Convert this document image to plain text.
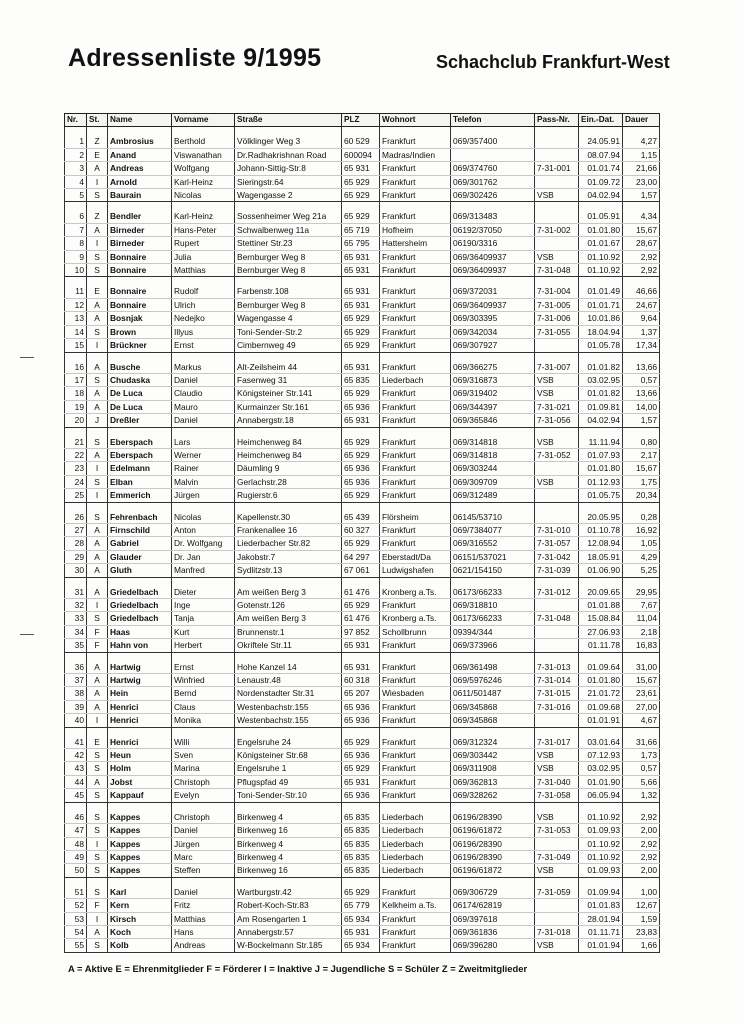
Adressenliste 9/1995	Schachclub Frankfurt-West
Nr.	St.	Name	Vorname	Straße	PLZ	Wohnort	Telefon	Pass-Nr.	Ein.-Dat.	Dauer

1	Z	Ambrosius	Berthold	Völklinger Weg 3	60 529	Frankfurt	069/357400		24.05.91	4,27
2	E	Anand	Viswanathan	Dr.Radhakrishnan Road	600094	Madras/Indien			08.07.94	1,15
3	A	Andreas	Wolfgang	Johann-Sittig-Str.8	65 931	Frankfurt	069/374760	7-31-001	01.01.74	21,66
4	I	Arnold	Karl-Heinz	Sieringstr.64	65 929	Frankfurt	069/301762		01.09.72	23,00
5	S	Baurain	Nicolas	Wagengasse 2	65 929	Frankfurt	069/302426	VSB	04.02.94	1,57

6	Z	Bendler	Karl-Heinz	Sossenheimer Weg 21a	65 929	Frankfurt	069/313483		01.05.91	4,34
7	A	Birneder	Hans-Peter	Schwalbenweg 11a	65 719	Hofheim	06192/37050	7-31-002	01.01.80	15,67
8	I	Birneder	Rupert	Stettiner Str.23	65 795	Hattersheim	06190/3316		01.01.67	28,67
9	S	Bonnaire	Julia	Bernburger Weg 8	65 931	Frankfurt	069/36409937	VSB	01.10.92	2,92
10	S	Bonnaire	Matthias	Bernburger Weg 8	65 931	Frankfurt	069/36409937	7-31-048	01.10.92	2,92

11	E	Bonnaire	Rudolf	Farbenstr.108	65 931	Frankfurt	069/372031	7-31-004	01.01.49	46,66
12	A	Bonnaire	Ulrich	Bernburger Weg 8	65 931	Frankfurt	069/36409937	7-31-005	01.01.71	24,67
13	A	Bosnjak	Nedejko	Wagengasse 4	65 929	Frankfurt	069/303395	7-31-006	10.01.86	9,64
14	S	Brown	Illyus	Toni-Sender-Str.2	65 929	Frankfurt	069/342034	7-31-055	18.04.94	1,37
15	I	Brückner	Ernst	Cimbernweg 49	65 929	Frankfurt	069/307927		01.05.78	17,34

16	A	Busche	Markus	Alt-Zeilsheim 44	65 931	Frankfurt	069/366275	7-31-007	01.01.82	13,66
17	S	Chudaska	Daniel	Fasenweg 31	65 835	Liederbach	069/316873	VSB	03.02.95	0,57
18	A	De Luca	Claudio	Königsteiner Str.141	65 929	Frankfurt	069/319402	VSB	01.01.82	13,66
19	A	De Luca	Mauro	Kurmainzer Str.161	65 936	Frankfurt	069/344397	7-31-021	01.09.81	14,00
20	J	Dreßler	Daniel	Annabergstr.18	65 931	Frankfurt	069/365846	7-31-056	04.02.94	1,57

21	S	Eberspach	Lars	Heimchenweg 84	65 929	Frankfurt	069/314818	VSB	11.11.94	0,80
22	A	Eberspach	Werner	Heimchenweg 84	65 929	Frankfurt	069/314818	7-31-052	01.07.93	2,17
23	I	Edelmann	Rainer	Däumling 9	65 936	Frankfurt	069/303244		01.01.80	15,67
24	S	Elban	Malvin	Gerlachstr.28	65 936	Frankfurt	069/309709	VSB	01.12.93	1,75
25	I	Emmerich	Jürgen	Rugierstr.6	65 929	Frankfurt	069/312489		01.05.75	20,34

26	S	Fehrenbach	Nicolas	Kapellenstr.30	65 439	Flörsheim	06145/53710		20.05.95	0,28
27	A	Firnschild	Anton	Frankenallee 16	60 327	Frankfurt	069/7384077	7-31-010	01.10.78	16,92
28	A	Gabriel	Dr. Wolfgang	Liederbacher Str.82	65 929	Frankfurt	069/316552	7-31-057	12.08.94	1,05
29	A	Glauder	Dr. Jan	Jakobstr.7	64 297	Eberstadt/Da	06151/537021	7-31-042	18.05.91	4,29
30	A	Gluth	Manfred	Sydlitzstr.13	67 061	Ludwigshafen	0621/154150	7-31-039	01.06.90	5,25

31	A	Griedelbach	Dieter	Am weißen Berg 3	61 476	Kronberg a.Ts.	06173/66233	7-31-012	20.09.65	29,95
32	I	Griedelbach	Inge	Gotenstr.126	65 929	Frankfurt	069/318810		01.01.88	7,67
33	S	Griedelbach	Tanja	Am weißen Berg 3	61 476	Kronberg a.Ts.	06173/66233	7-31-048	15.08.84	11,04
34	F	Haas	Kurt	Brunnenstr.1	97 852	Schollbrunn	09394/344		27.06.93	2,18
35	F	Hahn von	Herbert	Okriftele Str.11	65 931	Frankfurt	069/373966		01.11.78	16,83

36	A	Hartwig	Ernst	Hohe Kanzel 14	65 931	Frankfurt	069/361498	7-31-013	01.09.64	31,00
37	A	Hartwig	Winfried	Lenaustr.48	60 318	Frankfurt	069/5976246	7-31-014	01.01.80	15,67
38	A	Hein	Bernd	Nordenstadter Str.31	65 207	Wiesbaden	0611/501487	7-31-015	21.01.72	23,61
39	A	Henrici	Claus	Westenbachstr.155	65 936	Frankfurt	069/345868	7-31-016	01.09.68	27,00
40	I	Henrici	Monika	Westenbachstr.155	65 936	Frankfurt	069/345868		01.01.91	4,67

41	E	Henrici	Willi	Engelsruhe 24	65 929	Frankfurt	069/312324	7-31-017	03.01.64	31,66
42	S	Heun	Sven	Königsteiner Str.68	65 936	Frankfurt	069/303442	VSB	07.12.93	1,73
43	S	Holm	Marina	Engelsruhe 1	65 929	Frankfurt	069/311908	VSB	03.02.95	0,57
44	A	Jobst	Christoph	Pflugspfad 49	65 931	Frankfurt	069/362813	7-31-040	01.01.90	5,66
45	S	Kappauf	Evelyn	Toni-Sender-Str.10	65 936	Frankfurt	069/328262	7-31-058	06.05.94	1,32

46	S	Kappes	Christoph	Birkenweg 4	65 835	Liederbach	06196/28390	VSB	01.10.92	2,92
47	S	Kappes	Daniel	Birkenweg 16	65 835	Liederbach	06196/61872	7-31-053	01.09.93	2,00
48	I	Kappes	Jürgen	Birkenweg 4	65 835	Liederbach	06196/28390		01.10.92	2,92
49	S	Kappes	Marc	Birkenweg 4	65 835	Liederbach	06196/28390	7-31-049	01.10.92	2,92
50	S	Kappes	Steffen	Birkenweg 16	65 835	Liederbach	06196/61872	VSB	01.09.93	2,00

51	S	Karl	Daniel	Wartburgstr.42	65 929	Frankfurt	069/306729	7-31-059	01.09.94	1,00
52	F	Kern	Fritz	Robert-Koch-Str.83	65 779	Kelkheim a.Ts.	06174/62819		01.01.83	12,67
53	I	Kirsch	Matthias	Am Rosengarten 1	65 934	Frankfurt	069/397618		28.01.94	1,59
54	A	Koch	Hans	Annabergstr.57	65 931	Frankfurt	069/361836	7-31-018	01.11.71	23,83
55	S	Kolb	Andreas	W-Bockelmann Str.185	65 934	Frankfurt	069/396280	VSB	01.01.94	1,66
A = Aktive E = Ehrenmitglieder F = Förderer I = Inaktive J = Jugendliche S = Schüler Z = Zweitmitglieder
